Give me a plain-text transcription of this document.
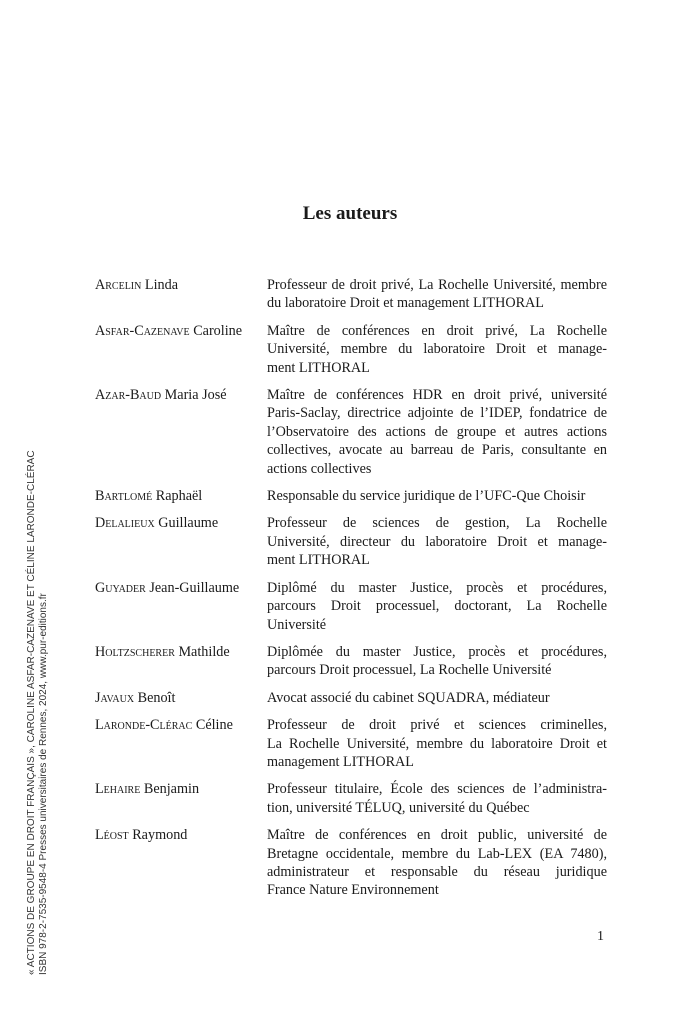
Les auteurs
Arcelin Linda	Professeur de droit privé, La Rochelle Université, membre
du laboratoire Droit et management LITHORAL
Asfar-Cazenave Caroline	Maître de conférences en droit privé, La Rochelle
Université, membre du laboratoire Droit et manage-
ment LITHORAL
Azar-Baud Maria José	Maître de conférences HDR en droit privé, université
Paris-Saclay, directrice adjointe de l’IDEP, fondatrice de
l’Observatoire des actions de groupe et autres actions
collectives, avocate au barreau de Paris, consultante en
actions collectives
Bartlomé Raphaël	Responsable du service juridique de l’UFC-Que Choisir
Delalieux Guillaume	Professeur de sciences de gestion, La Rochelle
Université, directeur du laboratoire Droit et manage-
ment LITHORAL
Guyader Jean-Guillaume	Diplômé du master Justice, procès et procédures,
parcours Droit processuel, doctorant, La Rochelle
Université
Holtzscherer Mathilde	Diplômée du master Justice, procès et procédures,
parcours Droit processuel, La Rochelle Université
Javaux Benoît	Avocat associé du cabinet SQUADRA, médiateur
Laronde-Clérac Céline	Professeur de droit privé et sciences criminelles,
La Rochelle Université, membre du laboratoire Droit et
management LITHORAL
Lehaire Benjamin	Professeur titulaire, École des sciences de l’administra-
tion, université TÉLUQ, université du Québec
Léost Raymond	Maître de conférences en droit public, université de
Bretagne occidentale, membre du Lab-LEX (EA 7480),
administrateur et responsable du réseau juridique
France Nature Environnement
1
« ACTIONS DE GROUPE EN DROIT FRANÇAIS », CAROLINE ASFAR-CAZENAVE ET CÉLINE LARONDE-CLÉRAC ISBN 978-2-7535-9548-4 Presses universitaires de Rennes, 2024, www.pur-editions.fr
